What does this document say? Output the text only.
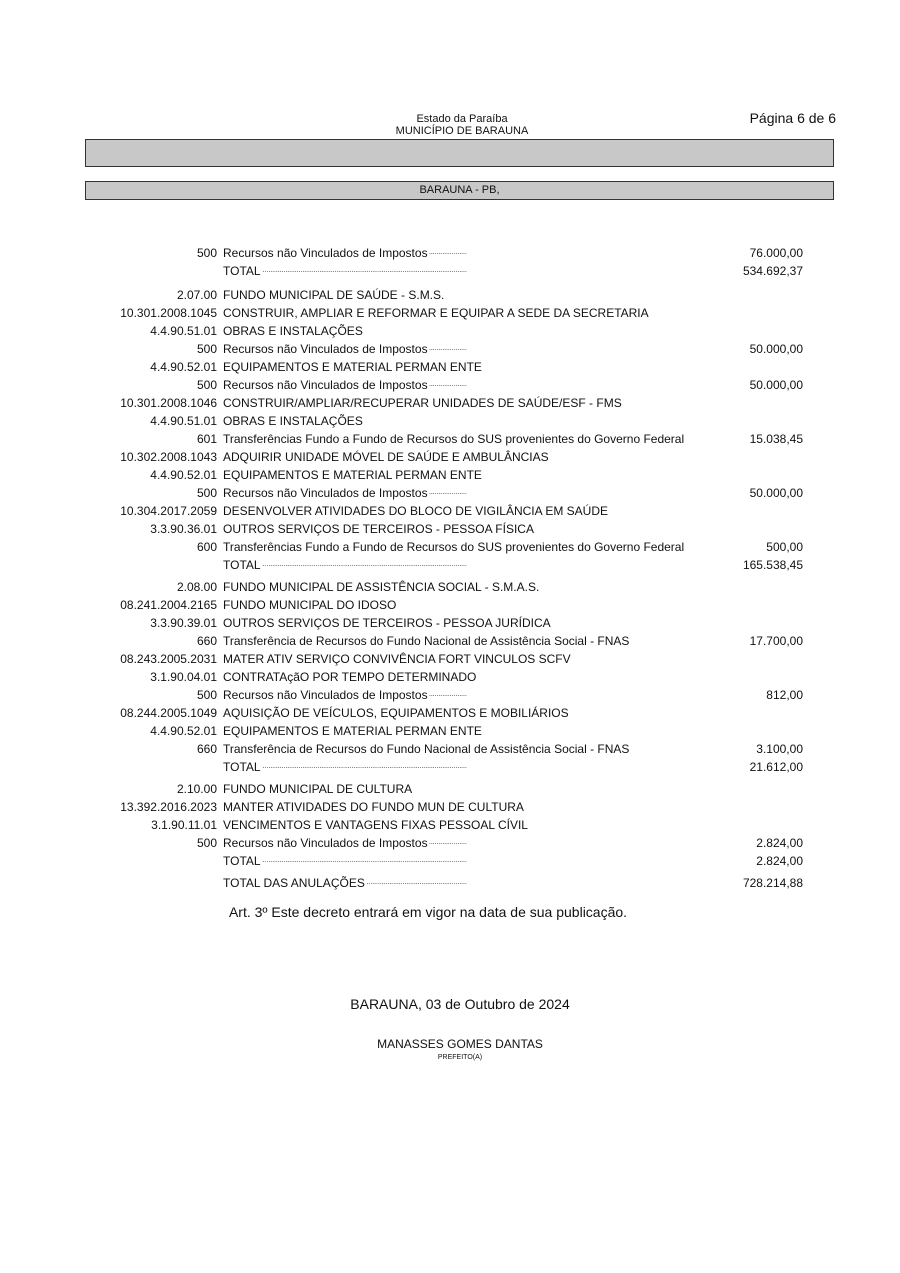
Estado da Paraíba
MUNICÍPIO DE BARAUNA
Página 6 de 6
BARAUNA - PB,
500 Recursos não Vinculados de Impostos . . .	76.000,00
TOTAL . . .	534.692,37
2.07.00 FUNDO MUNICIPAL DE SAÚDE - S.M.S.
10.301.2008.1045 CONSTRUIR, AMPLIAR E REFORMAR E EQUIPAR A SEDE DA SECRETARIA
4.4.90.51.01 OBRAS E INSTALAÇÕES
500 Recursos não Vinculados de Impostos . . .	50.000,00
4.4.90.52.01 EQUIPAMENTOS E MATERIAL PERMAN ENTE
500 Recursos não Vinculados de Impostos . . .	50.000,00
10.301.2008.1046 CONSTRUIR/AMPLIAR/RECUPERAR UNIDADES DE SAÚDE/ESF - FMS
4.4.90.51.01 OBRAS E INSTALAÇÕES
601 Transferências Fundo a Fundo de Recursos do SUS provenientes do Governo Federal . . .	15.038,45
10.302.2008.1043 ADQUIRIR UNIDADE MÓVEL DE SAÚDE E AMBULÂNCIAS
4.4.90.52.01 EQUIPAMENTOS E MATERIAL PERMAN ENTE
500 Recursos não Vinculados de Impostos . . .	50.000,00
10.304.2017.2059 DESENVOLVER ATIVIDADES DO BLOCO DE VIGILÂNCIA EM SAÚDE
3.3.90.36.01 OUTROS SERVIÇOS DE TERCEIROS - PESSOA FÍSICA
600 Transferências Fundo a Fundo de Recursos do SUS provenientes do Governo Federal . . .	500,00
TOTAL . . .	165.538,45
2.08.00 FUNDO MUNICIPAL DE ASSISTÊNCIA SOCIAL - S.M.A.S.
08.241.2004.2165 FUNDO MUNICIPAL DO IDOSO
3.3.90.39.01 OUTROS SERVIÇOS DE TERCEIROS - PESSOA JURÍDICA
660 Transferência de Recursos do Fundo Nacional de Assistência Social - FNAS . . .	17.700,00
08.243.2005.2031 MATER ATIV SERVIÇO CONVIVÊNCIA FORT VINCULOS SCFV
3.1.90.04.01 CONTRATAçãO POR TEMPO DETERMINADO
500 Recursos não Vinculados de Impostos . . .	812,00
08.244.2005.1049 AQUISIÇÃO DE VEÍCULOS, EQUIPAMENTOS E MOBILIÁRIOS
4.4.90.52.01 EQUIPAMENTOS E MATERIAL PERMAN ENTE
660 Transferência de Recursos do Fundo Nacional de Assistência Social - FNAS . . .	3.100,00
TOTAL . . .	21.612,00
2.10.00 FUNDO MUNICIPAL DE CULTURA
13.392.2016.2023 MANTER ATIVIDADES DO FUNDO MUN DE CULTURA
3.1.90.11.01 VENCIMENTOS E VANTAGENS FIXAS PESSOAL CÍVIL
500 Recursos não Vinculados de Impostos . . .	2.824,00
TOTAL . . .	2.824,00
TOTAL DAS ANULAÇÕES . . .	728.214,88
Art. 3º Este decreto entrará em vigor na data de sua publicação.
BARAUNA, 03 de Outubro de 2024
MANASSES GOMES DANTAS
PREFEITO(A)
